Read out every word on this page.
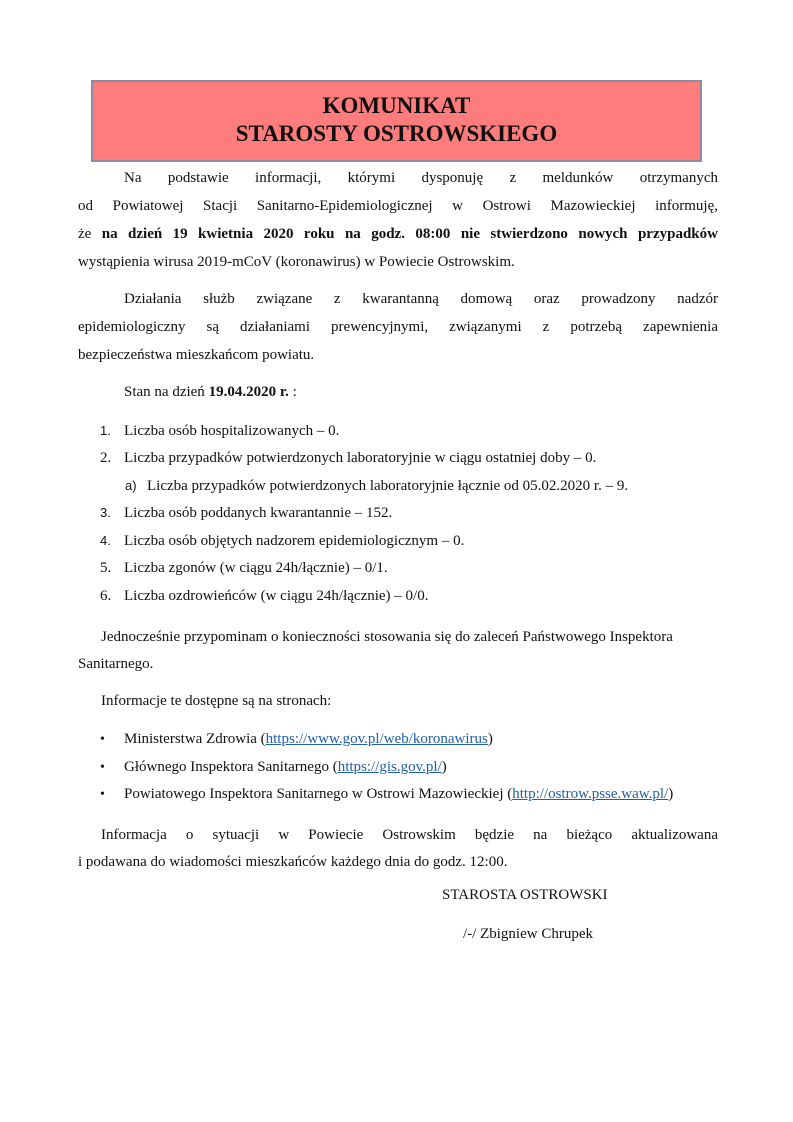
KOMUNIKAT
STAROSTY OSTROWSKIEGO
Na podstawie informacji, którymi dysponuję z meldunków otrzymanych
od Powiatowej Stacji Sanitarno-Epidemiologicznej w Ostrowi Mazowieckiej informuję,
że na dzień 19 kwietnia 2020 roku na godz. 08:00 nie stwierdzono nowych przypadków
wystąpienia wirusa 2019-mCoV (koronawirus) w Powiecie Ostrowskim.
Działania służb związane z kwarantanną domową oraz prowadzony nadzór
epidemiologiczny są działaniami prewencyjnymi, związanymi z potrzebą zapewnienia
bezpieczeństwa mieszkańcom powiatu.
Stan na dzień 19.04.2020 r. :
1. Liczba osób hospitalizowanych – 0.
2. Liczba przypadków potwierdzonych laboratoryjnie w ciągu ostatniej doby – 0.
a) Liczba przypadków potwierdzonych laboratoryjnie łącznie od 05.02.2020 r. – 9.
3. Liczba osób poddanych kwarantannie – 152.
4. Liczba osób objętych nadzorem epidemiologicznym – 0.
5. Liczba zgonów (w ciągu 24h/łącznie) – 0/1.
6. Liczba ozdrowieńców (w ciągu 24h/łącznie) – 0/0.
Jednocześnie przypominam o konieczności stosowania się do zaleceń Państwowego Inspektora
Sanitarnego.
Informacje te dostępne są na stronach:
• Ministerstwa Zdrowia (https://www.gov.pl/web/koronawirus)
• Głównego Inspektora Sanitarnego (https://gis.gov.pl/)
• Powiatowego Inspektora Sanitarnego w Ostrowi Mazowieckiej (http://ostrow.psse.waw.pl/)
Informacja o sytuacji w Powiecie Ostrowskim będzie na bieżąco aktualizowana
i podawana do wiadomości mieszkańców każdego dnia do godz. 12:00.
STAROSTA OSTROWSKI
/-/ Zbigniew Chrupek
